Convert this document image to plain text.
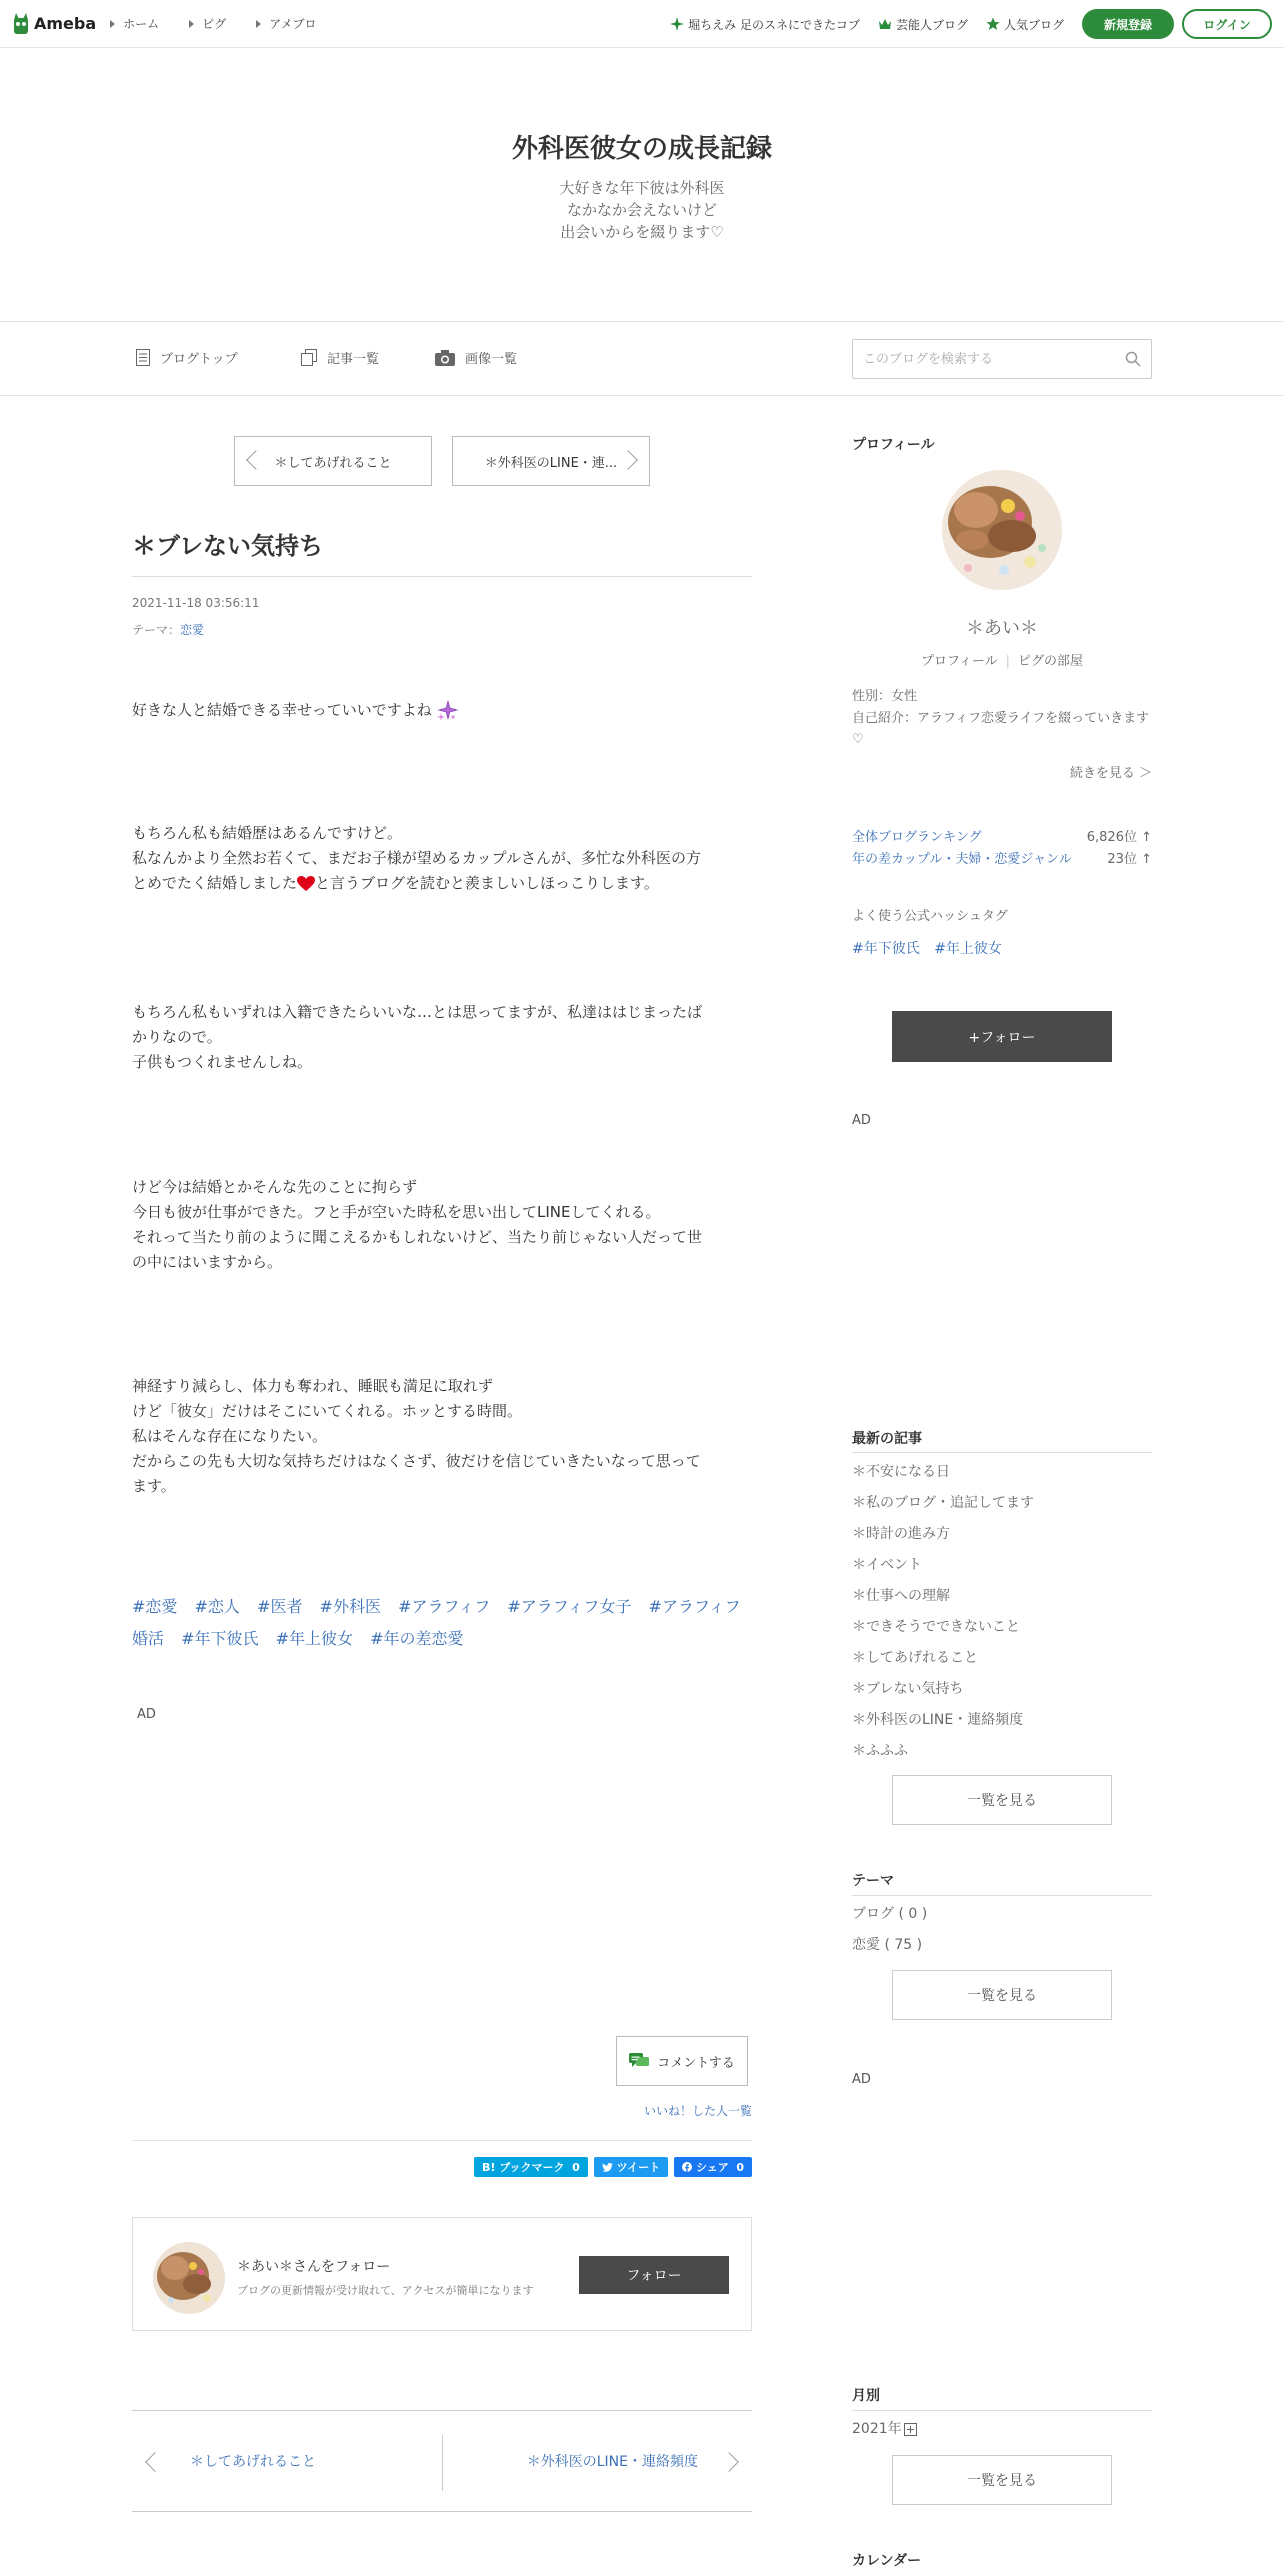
Ameba ホーム	ピグ	アメブロ	堀ちえみ 足のスネにできたコブ	芸能人ブログ	人気ブログ	新規登録	ログイン
外科医彼女の成長記録
大好きな年下彼は外科医
なかなか会えないけど
出会いからを綴ります♡
ブログトップ	記事一覧	画像一覧
このブログを検索する
＊してあげれること	＊外科医のLINE・連...
＊ブレない気持ち
2021-11-18 03:56:11
テーマ：恋愛
好きな人と結婚できる幸せっていいですよね
もちろん私も結婚歴はあるんですけど。
私なんかより全然お若くて、まだお子様が望めるカップルさんが、多忙な外科医の方
とめでたく結婚しました と言うブログを読むと羨ましいしほっこりします。
もちろん私もいずれは入籍できたらいいな…とは思ってますが、私達ははじまったば
かりなので。
子供もつくれませんしね。
けど今は結婚とかそんな先のことに拘らず
今日も彼が仕事ができた。フと手が空いた時私を思い出してLINEしてくれる。
それって当たり前のように聞こえるかもしれないけど、当たり前じゃない人だって世
の中にはいますから。
神経すり減らし、体力も奪われ、睡眠も満足に取れず
けど「彼女」だけはそこにいてくれる。ホッとする時間。
私はそんな存在になりたい。
だからこの先も大切な気持ちだけはなくさず、彼だけを信じていきたいなって思って
ます。
#恋愛 #恋人 #医者 #外科医 #アラフィフ #アラフィフ女子 #アラフィフ婚活 #年下彼氏 #年上彼女 #年の差恋愛
AD
コメントする
いいね！した人一覧
B! ブックマーク
0
	ツイート
	シェア
0
＊あい＊さんをフォロー
ブログの更新情報が受け取れて、アクセスが簡単になります
フォロー
＊してあげれること	＊外科医のLINE・連絡頻度
プロフィール
＊あい＊
プロフィール | ピグの部屋
性別：女性
自己紹介：アラフィフ恋愛ライフを綴っていきます♡
続きを見る ＞
全体ブログランキング	6,826位 ↑
年の差カップル・夫婦・恋愛ジャンル	23位 ↑
よく使う公式ハッシュタグ
#年下彼氏 #年上彼女
+フォロー
AD
最新の記事
＊不安になる日
＊私のブログ・追記してます
＊時計の進み方
＊イベント
＊仕事への理解
＊できそうでできないこと
＊してあげれること
＊ブレない気持ち
＊外科医のLINE・連絡頻度
＊ふふふ
一覧を見る
テーマ
ブログ ( 0 )
恋愛 ( 75 )
一覧を見る
AD
月別
2021年
一覧を見る
カレンダー
